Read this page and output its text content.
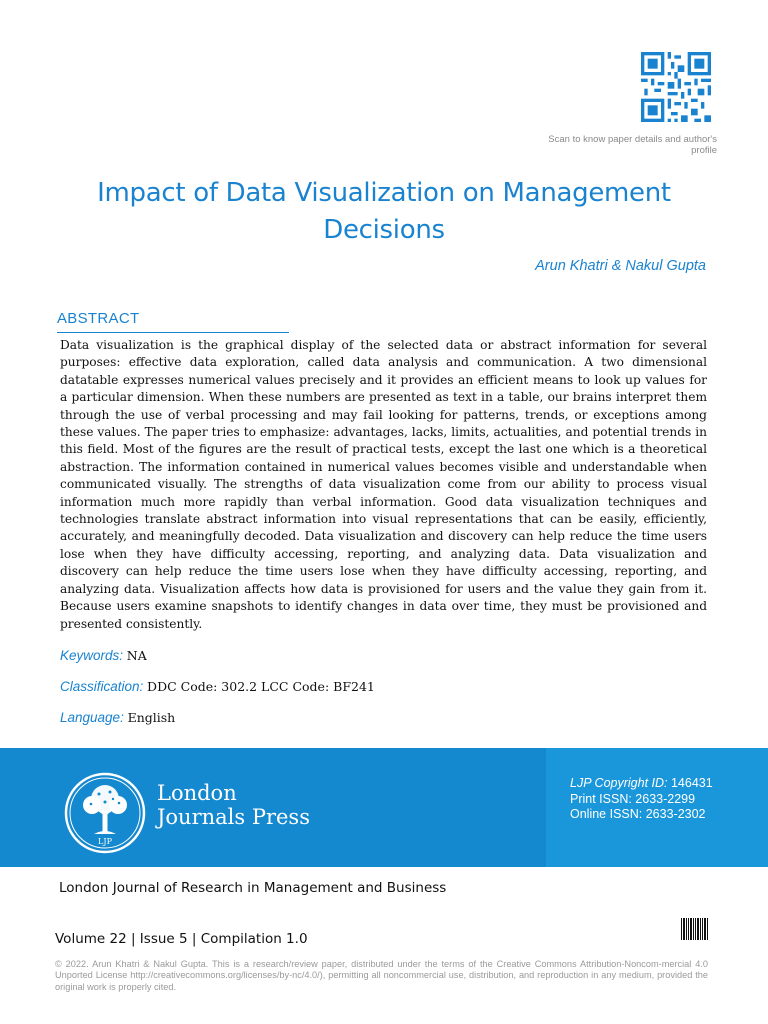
Scan to know paper details and author's profile
Impact of Data Visualization on Management Decisions
Arun Khatri & Nakul Gupta
ABSTRACT

Data visualization is the graphical display of the selected data or abstract information for several purposes: effective data exploration, called data analysis and communication. A two dimensional datatable expresses numerical values precisely and it provides an efficient means to look up values for a particular dimension. When these numbers are presented as text in a table, our brains interpret them through the use of verbal processing and may fail looking for patterns, trends, or exceptions among these values. The paper tries to emphasize: advantages, lacks, limits, actualities, and potential trends in this field. Most of the figures are the result of practical tests, except the last one which is a theoretical abstraction. The information contained in numerical values becomes visible and understandable when communicated visually. The strengths of data visualization come from our ability to process visual information much more rapidly than verbal information. Good data visualization techniques and technologies translate abstract information into visual representations that can be easily, efficiently, accurately, and meaningfully decoded. Data visualization and discovery can help reduce the time users lose when they have difficulty accessing, reporting, and analyzing data. Data visualization and discovery can help reduce the time users lose when they have difficulty accessing, reporting, and analyzing data. Visualization affects how data is provisioned for users and the value they gain from it. Because users examine snapshots to identify changes in data over time, they must be provisioned and presented consistently.

Keywords: NA
Classification: DDC Code: 302.2 LCC Code: BF241
Language: English
LJP
London
Journals Press
LJP Copyright ID: 146431
Print ISSN: 2633-2299
Online ISSN: 2633-2302
London Journal of Research in Management and Business
Volume 22 | Issue 5 | Compilation 1.0

© 2022. Arun Khatri & Nakul Gupta. This is a research/review paper, distributed under the terms of the Creative Commons Attribution-Noncom-mercial 4.0 Unported License http://creativecommons.org/licenses/by-nc/4.0/), permitting all noncommercial use, distribution, and reproduction in any medium, provided the original work is properly cited.
